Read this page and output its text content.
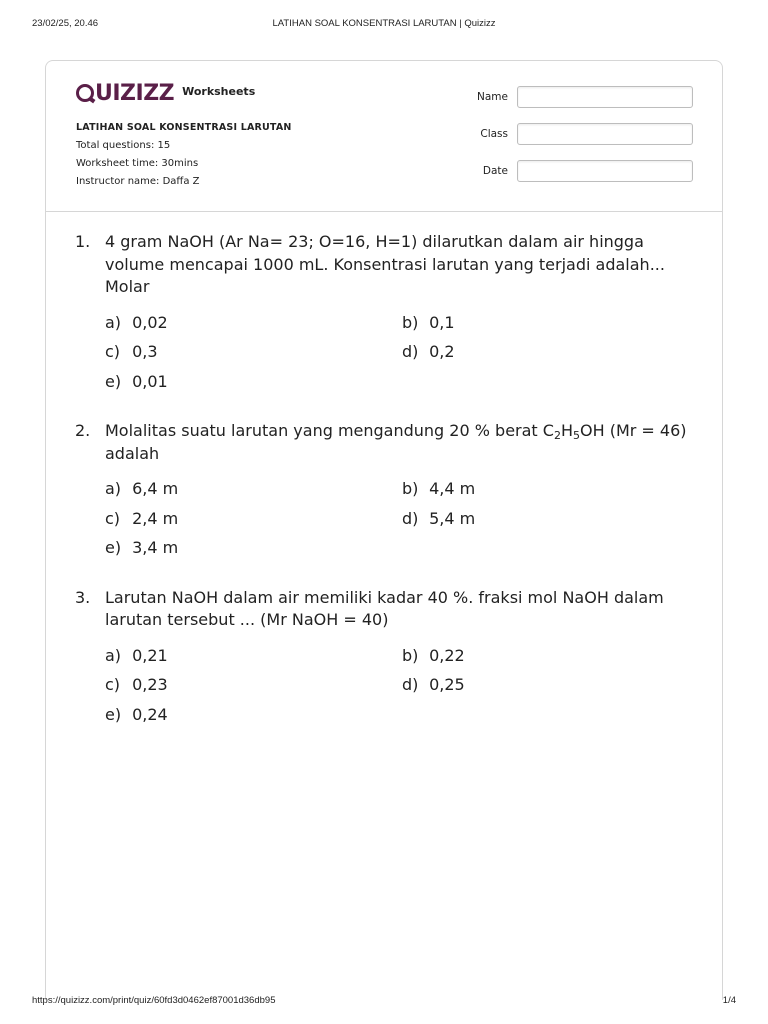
23/02/25, 20.46	LATIHAN SOAL KONSENTRASI LARUTAN | Quizizz
UIZIZZ Worksheets
LATIHAN SOAL KONSENTRASI LARUTAN
Total questions: 15
Worksheet time: 30mins
Instructor name: Daffa Z
Name
Class
Date
1. 4 gram NaOH (Ar Na= 23; O=16, H=1) dilarutkan dalam air hingga volume mencapai 1000 mL. Konsentrasi larutan yang terjadi adalah... Molar
a) 0,02	b) 0,1
c) 0,3	d) 0,2
e) 0,01
2. Molalitas suatu larutan yang mengandung 20 % berat $C_2H_5OH$ (Mr = 46) adalah
a) 6,4 m	b) 4,4 m
c) 2,4 m	d) 5,4 m
e) 3,4 m
3. Larutan NaOH dalam air memiliki kadar 40 %. fraksi mol NaOH dalam larutan tersebut ... (Mr NaOH = 40)
a) 0,21	b) 0,22
c) 0,23	d) 0,25
e) 0,24
https://quizizz.com/print/quiz/60fd3d0462ef87001d36db95	1/4
